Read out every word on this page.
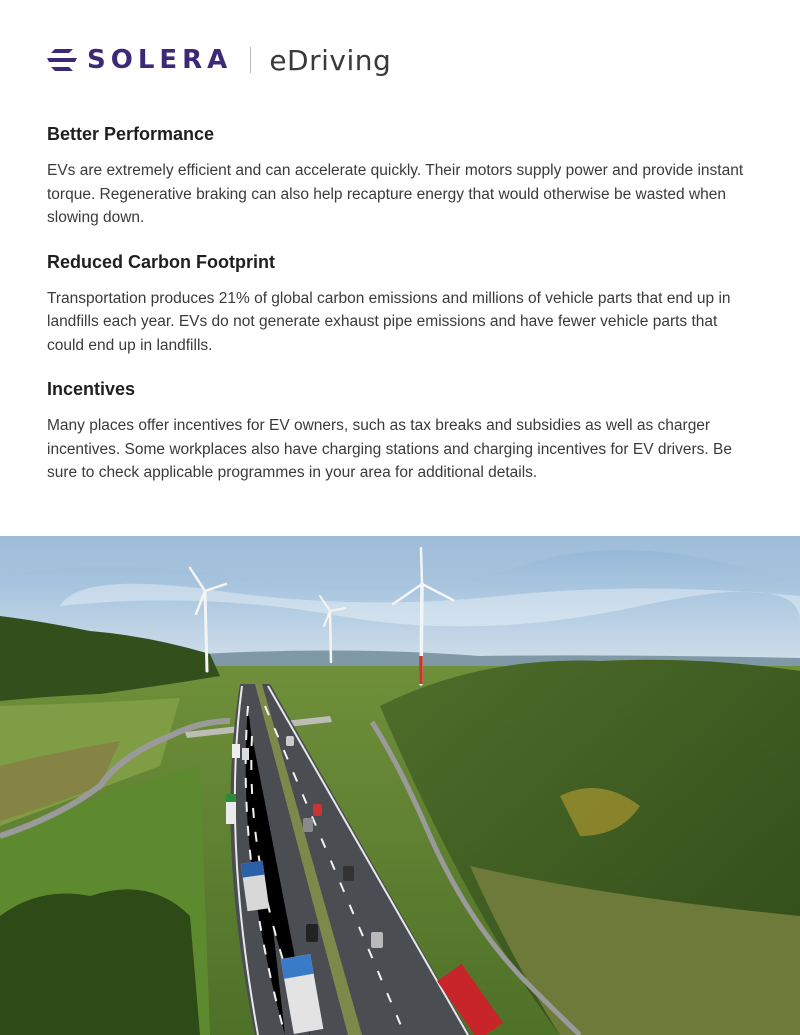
SOLERA eDriving
Better Performance

EVs are extremely efficient and can accelerate quickly. Their motors supply power and provide instant torque. Regenerative braking can also help recapture energy that would otherwise be wasted when slowing down.

Reduced Carbon Footprint

Transportation produces 21% of global carbon emissions and millions of vehicle parts that end up in landfills each year. EVs do not generate exhaust pipe emissions and have fewer vehicle parts that could end up in landfills.

Incentives

Many places offer incentives for EV owners, such as tax breaks and subsidies as well as charger incentives. Some workplaces also have charging stations and charging incentives for EV drivers. Be sure to check applicable programmes in your area for additional details.
